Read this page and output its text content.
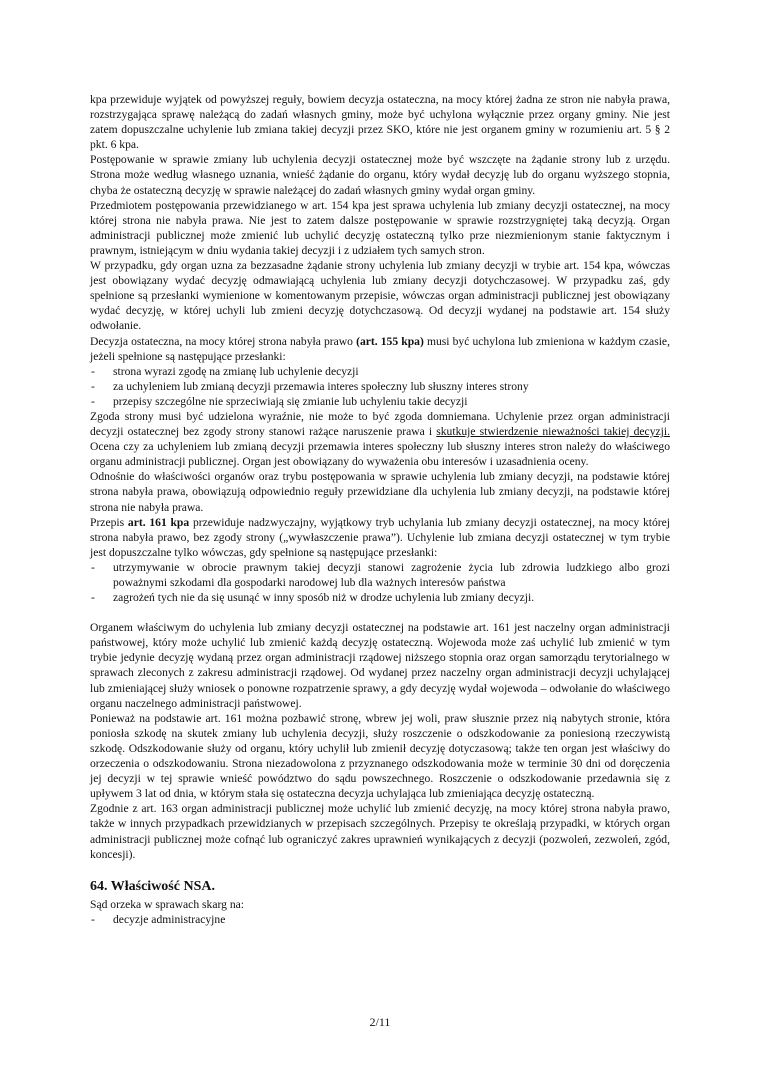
kpa przewiduje wyjątek od powyższej reguły, bowiem decyzja ostateczna, na mocy której żadna ze stron nie nabyła prawa, rozstrzygająca sprawę należącą do zadań własnych gminy, może być uchylona wyłącznie przez organy gminy. Nie jest zatem dopuszczalne uchylenie lub zmiana takiej decyzji przez SKO, które nie jest organem gminy w rozumieniu art. 5 § 2 pkt. 6 kpa.

Postępowanie w sprawie zmiany lub uchylenia decyzji ostatecznej może być wszczęte na żądanie strony lub z urzędu. Strona może według własnego uznania, wnieść żądanie do organu, który wydał decyzję lub do organu wyższego stopnia, chyba że ostateczną decyzję w sprawie należącej do zadań własnych gminy wydał organ gminy.

Przedmiotem postępowania przewidzianego w art. 154 kpa jest sprawa uchylenia lub zmiany decyzji ostatecznej, na mocy której strona nie nabyła prawa. Nie jest to zatem dalsze postępowanie w sprawie rozstrzygniętej taką decyzją. Organ administracji publicznej może zmienić lub uchylić decyzję ostateczną tylko prze niezmienionym stanie faktycznym i prawnym, istniejącym w dniu wydania takiej decyzji i z udziałem tych samych stron.

W przypadku, gdy organ uzna za bezzasadne żądanie strony uchylenia lub zmiany decyzji w trybie art. 154 kpa, wówczas jest obowiązany wydać decyzję odmawiającą uchylenia lub zmiany decyzji dotychczasowej. W przypadku zaś, gdy spełnione są przesłanki wymienione w komentowanym przepisie, wówczas organ administracji publicznej jest obowiązany wydać decyzję, w której uchyli lub zmieni decyzję dotychczasową. Od decyzji wydanej na podstawie art. 154 służy odwołanie.

Decyzja ostateczna, na mocy której strona nabyła prawo (art. 155 kpa) musi być uchylona lub zmieniona w każdym czasie, jeżeli spełnione są następujące przesłanki:

- strona wyrazi zgodę na zmianę lub uchylenie decyzji
- za uchyleniem lub zmianą decyzji przemawia interes społeczny lub słuszny interes strony
- przepisy szczególne nie sprzeciwiają się zmianie lub uchyleniu takie decyzji

Zgoda strony musi być udzielona wyraźnie, nie może to być zgoda domniemana. Uchylenie przez organ administracji decyzji ostatecznej bez zgody strony stanowi rażące naruszenie prawa i skutkuje stwierdzenie nieważności takiej decyzji. Ocena czy za uchyleniem lub zmianą decyzji przemawia interes społeczny lub słuszny interes stron należy do właściwego organu administracji publicznej. Organ jest obowiązany do wyważenia obu interesów i uzasadnienia oceny.

Odnośnie do właściwości organów oraz trybu postępowania w sprawie uchylenia lub zmiany decyzji, na podstawie której strona nabyła prawa, obowiązują odpowiednio reguły przewidziane dla uchylenia lub zmiany decyzji, na podstawie której strona nie nabyła prawa.

Przepis art. 161 kpa przewiduje nadzwyczajny, wyjątkowy tryb uchylania lub zmiany decyzji ostatecznej, na mocy której strona nabyła prawo, bez zgody strony („wywłaszczenie prawa”). Uchylenie lub zmiana decyzji ostatecznej w tym trybie jest dopuszczalne tylko wówczas, gdy spełnione są następujące przesłanki:

- utrzymywanie w obrocie prawnym takiej decyzji stanowi zagrożenie życia lub zdrowia ludzkiego albo grozi poważnymi szkodami dla gospodarki narodowej lub dla ważnych interesów państwa
- zagrożeń tych nie da się usunąć w inny sposób niż w drodze uchylenia lub zmiany decyzji.

Organem właściwym do uchylenia lub zmiany decyzji ostatecznej na podstawie art. 161 jest naczelny organ administracji państwowej, który może uchylić lub zmienić każdą decyzję ostateczną. Wojewoda może zaś uchylić lub zmienić w tym trybie jedynie decyzję wydaną przez organ administracji rządowej niższego stopnia oraz organ samorządu terytorialnego w sprawach zleconych z zakresu administracji rządowej. Od wydanej przez naczelny organ administracji decyzji uchylającej lub zmieniającej służy wniosek o ponowne rozpatrzenie sprawy, a gdy decyzję wydał wojewoda – odwołanie do właściwego organu naczelnego administracji państwowej.

Ponieważ na podstawie art. 161 można pozbawić stronę, wbrew jej woli, praw słusznie przez nią nabytych stronie, która poniosła szkodę na skutek zmiany lub uchylenia decyzji, służy roszczenie o odszkodowanie za poniesioną rzeczywistą szkodę. Odszkodowanie służy od organu, który uchylił lub zmienił decyzję dotyczasową; także ten organ jest właściwy do orzeczenia o odszkodowaniu. Strona niezadowolona z przyznanego odszkodowania może w terminie 30 dni od doręczenia jej decyzji w tej sprawie wnieść powództwo do sądu powszechnego. Roszczenie o odszkodowanie przedawnia się z upływem 3 lat od dnia, w którym stała się ostateczna decyzja uchylająca lub zmieniająca decyzję ostateczną.

Zgodnie z art. 163 organ administracji publicznej może uchylić lub zmienić decyzję, na mocy której strona nabyła prawo, także w innych przypadkach przewidzianych w przepisach szczególnych. Przepisy te określają przypadki, w których organ administracji publicznej może cofnąć lub ograniczyć zakres uprawnień wynikających z decyzji (pozwoleń, zezwoleń, zgód, koncesji).

64. Właściwość NSA.

Sąd orzeka w sprawach skarg na:

- decyzje administracyjne
2/11
